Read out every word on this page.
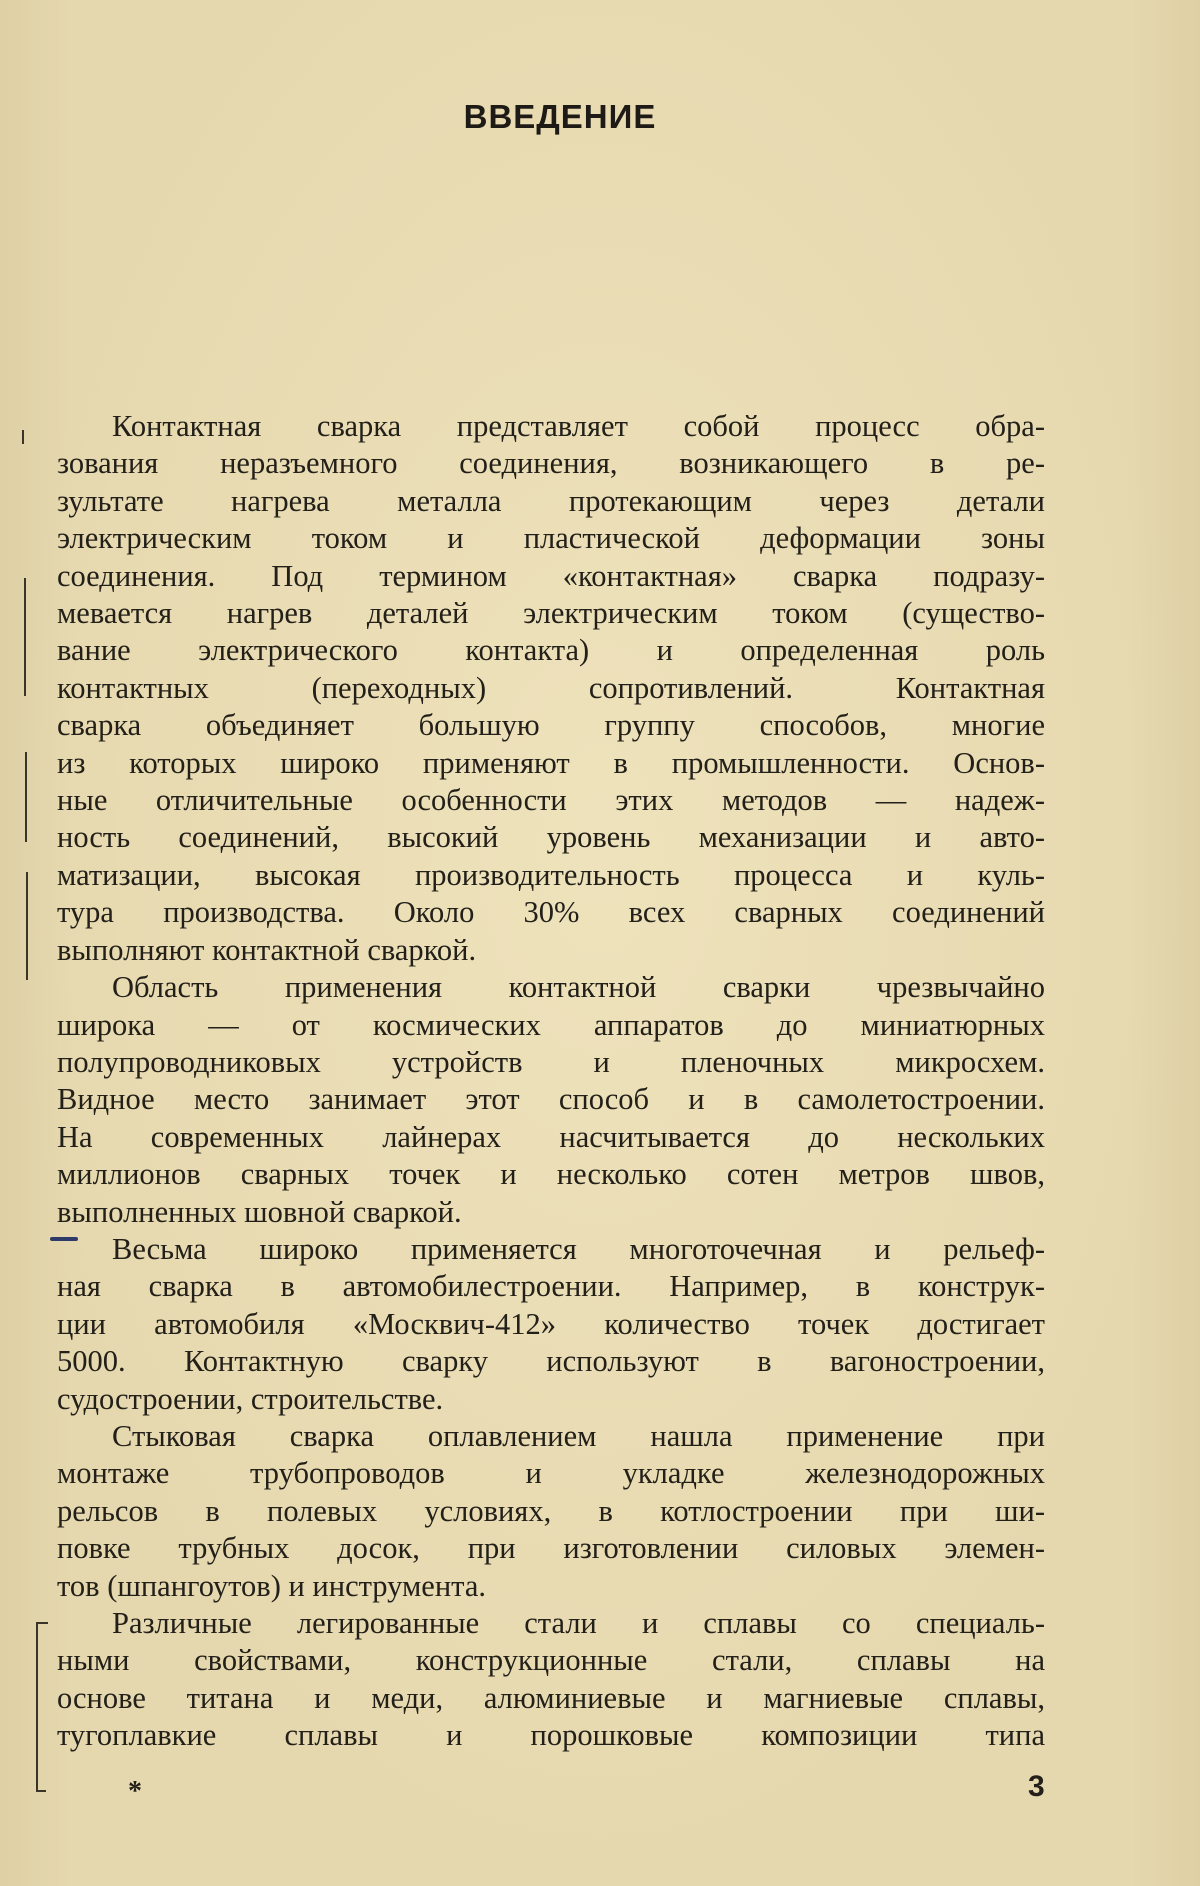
ВВЕДЕНИЕ

Контактная сварка представляет собой процесс обра-
зования неразъемного соединения, возникающего в ре-
зультате нагрева металла протекающим через детали
электрическим током и пластической деформации зоны
соединения. Под термином «контактная» сварка подразу-
мевается нагрев деталей электрическим током (существо-
вание электрического контакта) и определенная роль
контактных (переходных) сопротивлений. Контактная
сварка объединяет большую группу способов, многие
из которых широко применяют в промышленности. Основ-
ные отличительные особенности этих методов — надеж-
ность соединений, высокий уровень механизации и авто-
матизации, высокая производительность процесса и куль-
тура производства. Около 30% всех сварных соединений
выполняют контактной сваркой.

Область применения контактной сварки чрезвычайно
широка — от космических аппаратов до миниатюрных
полупроводниковых устройств и пленочных микросхем.
Видное место занимает этот способ и в самолетостроении.
На современных лайнерах насчитывается до нескольких
миллионов сварных точек и несколько сотен метров швов,
выполненных шовной сваркой.

Весьма широко применяется многоточечная и рельеф-
ная сварка в автомобилестроении. Например, в конструк-
ции автомобиля «Москвич-412» количество точек достигает
5000. Контактную сварку используют в вагоностроении,
судостроении, строительстве.

Стыковая сварка оплавлением нашла применение при
монтаже трубопроводов и укладке железнодорожных
рельсов в полевых условиях, в котлостроении при ши-
повке трубных досок, при изготовлении силовых элемен-
тов (шпангоутов) и инструмента.

Различные легированные стали и сплавы со специаль-
ными свойствами, конструкционные стали, сплавы на
основе титана и меди, алюминиевые и магниевые сплавы,
тугоплавкие сплавы и порошковые композиции типа

*	3
